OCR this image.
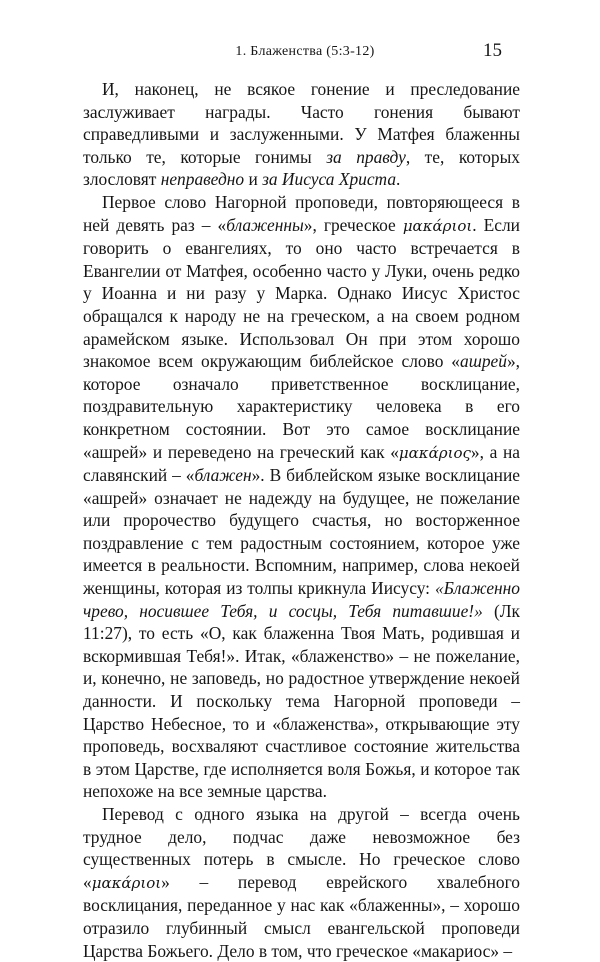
1. Блаженства (5:3-12)	15

И, наконец, не всякое гонение и преследование заслуживает награды. Часто гонения бывают справедливыми и заслуженными. У Матфея блаженны только те, которые гонимы за правду, те, которых злословят неправедно и за Иисуса Христа.

Первое слово Нагорной проповеди, повторяющееся в ней девять раз – «блаженны», греческое μακάριοι. Если говорить о евангелиях, то оно часто встречается в Евангелии от Матфея, особенно часто у Луки, очень редко у Иоанна и ни разу у Марка. Однако Иисус Христос обращался к народу не на греческом, а на своем родном арамейском языке. Использовал Он при этом хорошо знакомое всем окружающим библейское слово «ашрей», которое означало приветственное восклицание, поздравительную характеристику человека в его конкретном состоянии. Вот это самое восклицание «ашрей» и переведено на греческий как «μακάριος», а на славянский – «блажен». В библейском языке восклицание «ашрей» означает не надежду на будущее, не пожелание или пророчество будущего счастья, но восторженное поздравление с тем радостным состоянием, которое уже имеется в реальности. Вспомним, например, слова некоей женщины, которая из толпы крикнула Иисусу: «Блаженно чрево, носившее Тебя, и сосцы, Тебя питавшие!» (Лк 11:27), то есть «О, как блаженна Твоя Мать, родившая и вскормившая Тебя!». Итак, «блаженство» – не пожелание, и, конечно, не заповедь, но радостное утверждение некоей данности. И поскольку тема Нагорной проповеди – Царство Небесное, то и «блаженства», открывающие эту проповедь, восхваляют счастливое состояние жительства в этом Царстве, где исполняется воля Божья, и которое так непохоже на все земные царства.

Перевод с одного языка на другой – всегда очень трудное дело, подчас даже невозможное без существенных потерь в смысле. Но греческое слово «μακάριοι» – перевод еврейского хвалебного восклицания, переданное у нас как «блаженны», – хорошо отразило глубинный смысл евангельской проповеди Царства Божьего. Дело в том, что греческое «макариос» –
